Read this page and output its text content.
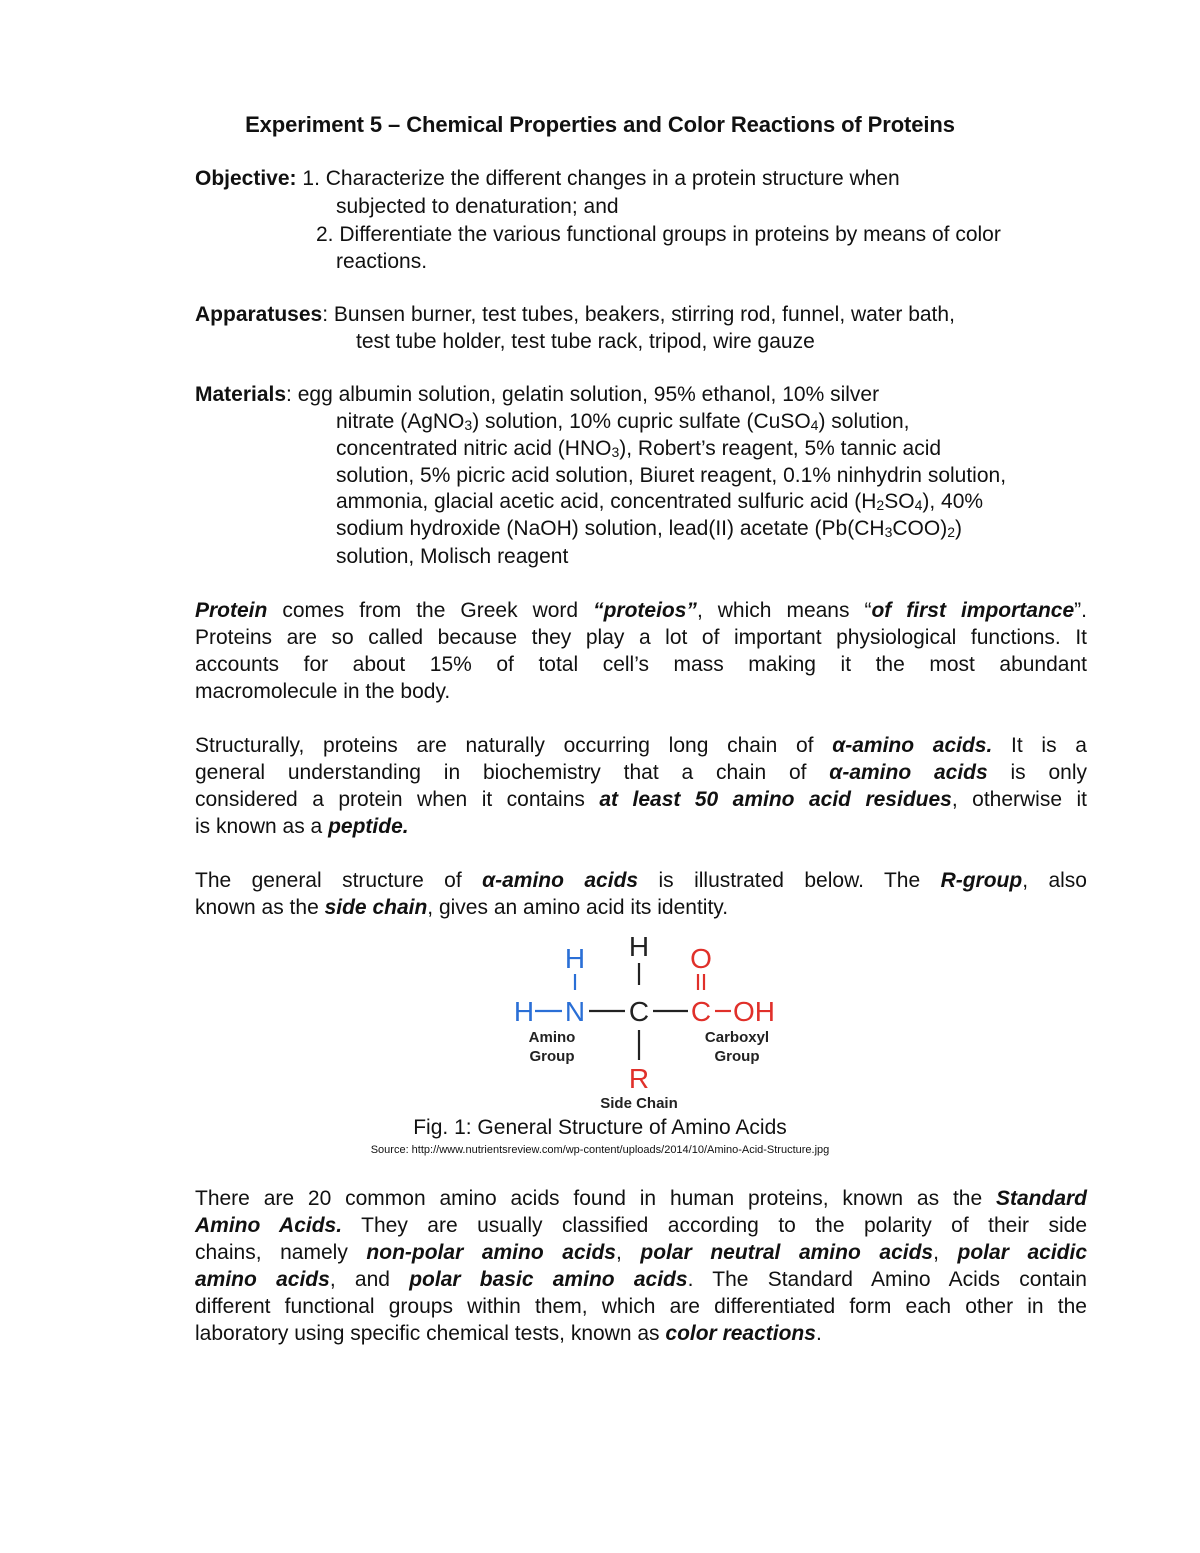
Experiment 5 – Chemical Properties and Color Reactions of Proteins
Objective: 1. Characterize the different changes in a protein structure when
subjected to denaturation; and
2. Differentiate the various functional groups in proteins by means of color
reactions.
Apparatuses: Bunsen burner, test tubes, beakers, stirring rod, funnel, water bath,
test tube holder, test tube rack, tripod, wire gauze
Materials: egg albumin solution, gelatin solution, 95% ethanol, 10% silver
nitrate (AgNO$_3$) solution, 10% cupric sulfate (CuSO$_4$) solution,
concentrated nitric acid $(HNO_3)$, Robert’s reagent, 5% tannic acid
solution, 5% picric acid solution, Biuret reagent, 0.1% ninhydrin solution,
ammonia, glacial acetic acid, concentrated sulfuric acid $(H_2SO_4)$, 40%
sodium hydroxide (NaOH) solution, lead(II) acetate $(Pb(CH_3COO)_2)$
solution, Molisch reagent
Protein comes from the Greek word “proteios”, which means “of first importance”.
Proteins are so called because they play a lot of important physiological functions. It
accounts for about 15% of total cell’s mass making it the most abundant
macromolecule in the body.
Structurally, proteins are naturally occurring long chain of α-amino acids. It is a
general understanding in biochemistry that a chain of α-amino acids is only
considered a protein when it contains at least 50 amino acid residues, otherwise it
is known as a peptide.
The general structure of α-amino acids is illustrated below. The R-group, also
known as the side chain, gives an amino acid its identity.
H
C
H
H N
Amino
Group
O
C OH
Carboxyl
Group
R
Side Chain
Fig. 1: General Structure of Amino Acids
Source: http://www.nutrientsreview.com/wp-content/uploads/2014/10/Amino-Acid-Structure.jpg
There are 20 common amino acids found in human proteins, known as the Standard
Amino Acids. They are usually classified according to the polarity of their side
chains, namely non-polar amino acids, polar neutral amino acids, polar acidic
amino acids, and polar basic amino acids. The Standard Amino Acids contain
different functional groups within them, which are differentiated form each other in the
laboratory using specific chemical tests, known as color reactions.
